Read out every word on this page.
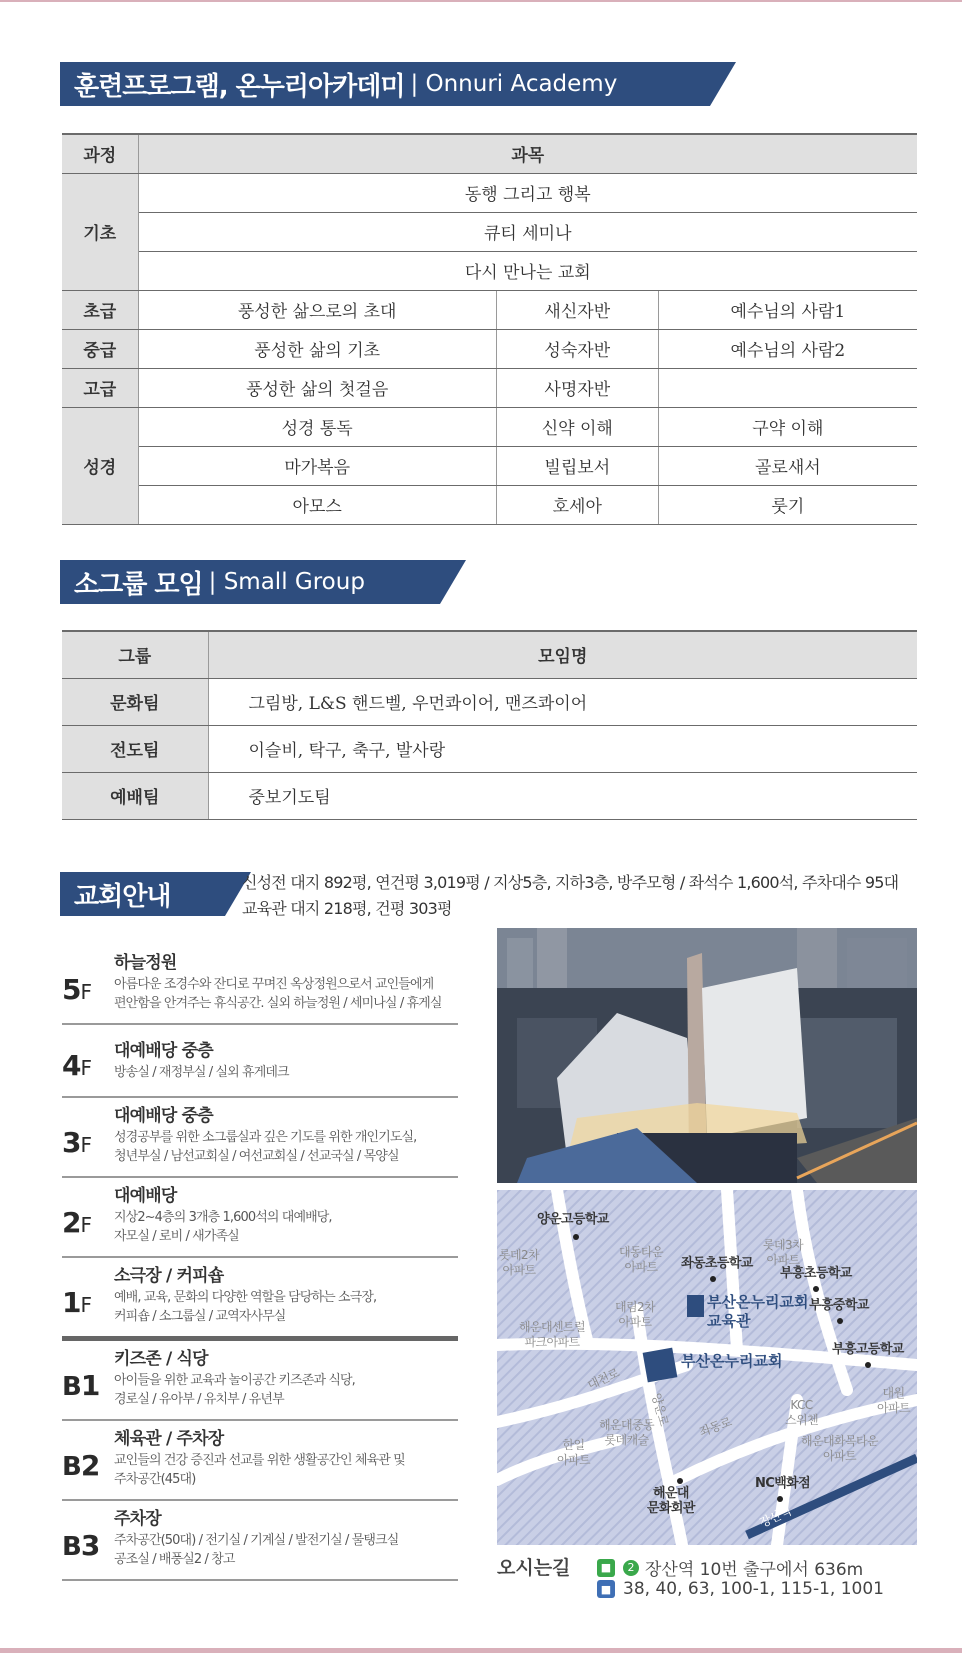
훈련프로그램, 온누리아카데미 | Onnuri Academy
과정	과목		
기초	동행 그리고 행복		
	큐티 세미나		
	다시 만나는 교회		
초급	풍성한 삶으로의 초대	새신자반	예수님의 사람1
중급	풍성한 삶의 기초	성숙자반	예수님의 사람2
고급	풍성한 삶의 첫걸음	사명자반	
성경	성경 통독	신약 이해	구약 이해
	마가복음	빌립보서	골로새서
	아모스	호세아	룻기
소그룹 모임 | Small Group
그룹	모임명
문화팀	그림방, L&S 핸드벨, 우먼콰이어, 맨즈콰이어
전도팀	이슬비, 탁구, 축구, 발사랑
예배팀	중보기도팀
교회안내	신성전 대지 892평, 연건평 3,019평 / 지상5층, 지하3층, 방주모형 / 좌석수 1,600석, 주차대수 95대
교육관 대지 218평, 건평 303평
5F
하늘정원
아름다운 조경수와 잔디로 꾸며진 옥상정원으로서 교인들에게
편안함을 안겨주는 휴식공간. 실외 하늘정원 / 세미나실 / 휴게실
4F
대예배당 중층
방송실 / 재정부실 / 실외 휴게데크
3F
대예배당 중층
성경공부를 위한 소그룹실과 깊은 기도를 위한 개인기도실,
청년부실 / 남선교회실 / 여선교회실 / 선교국실 / 목양실
2F
대예배당
지상2~4층의 3개층 1,600석의 대예배당,
자모실 / 로비 / 새가족실
1F
소극장 / 커피숍
예배, 교육, 문화의 다양한 역할을 담당하는 소극장,
커피숍 / 소그룹실 / 교역자사무실
B1
키즈존 / 식당
아이들을 위한 교육과 놀이공간 키즈존과 식당,
경로실 / 유아부 / 유치부 / 유년부
B2
체육관 / 주차장
교인들의 건강 증진과 선교를 위한 생활공간인 체육관 및
주차공간(45대)
B3
주차장
주차공간(50대) / 전기실 / 기계실 / 발전기실 / 물탱크실
공조실 / 배풍실2 / 창고
양운고등학교
롯데2차
아파트
대동타운
아파트	좌동초등학교
롯데3차
아파트
부흥초등학교
부산온누리교회
교육관
대림2차
아파트
부흥중학교
해운대센트럴
파크아파트
부산온누리교회
부흥고등학교
대원
아파트
KCC
스위첸
해운대중동
롯데캐슬
한일
아파트
해운대화목타운
아파트
대천로
양운로 좌동로
NC백화점
해운대
문화회관	장산역
오시는길	■	2 장산역 10번 출구에서 636m
■ 38, 40, 63, 100-1, 115-1, 1001
